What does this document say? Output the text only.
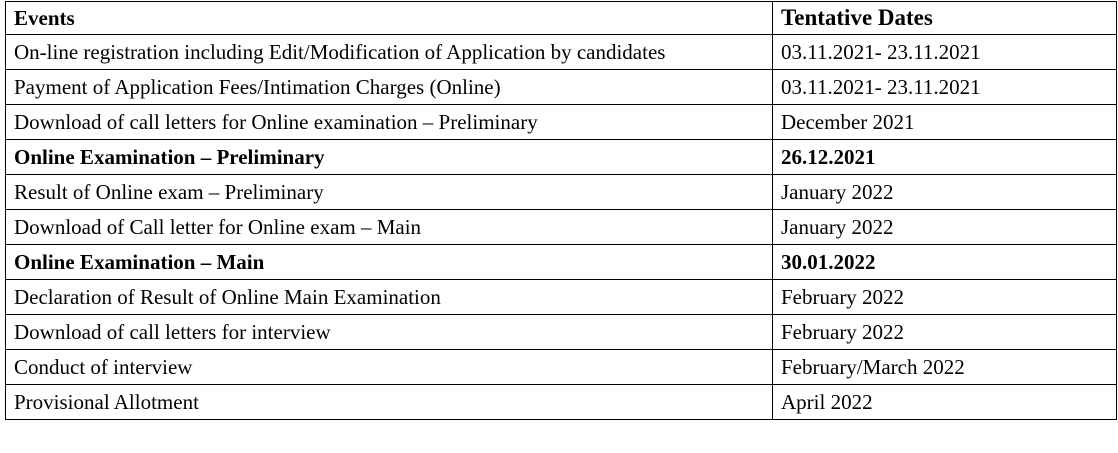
Events	Tentative Dates
On-line registration including Edit/Modification of Application by candidates	03.11.2021- 23.11.2021
Payment of Application Fees/Intimation Charges (Online)	03.11.2021- 23.11.2021
Download of call letters for Online examination – Preliminary	December 2021
Online Examination – Preliminary	26.12.2021
Result of Online exam – Preliminary	January 2022
Download of Call letter for Online exam – Main	January 2022
Online Examination – Main	30.01.2022
Declaration of Result of Online Main Examination	February 2022
Download of call letters for interview	February 2022
Conduct of interview	February/March 2022
Provisional Allotment	April 2022
